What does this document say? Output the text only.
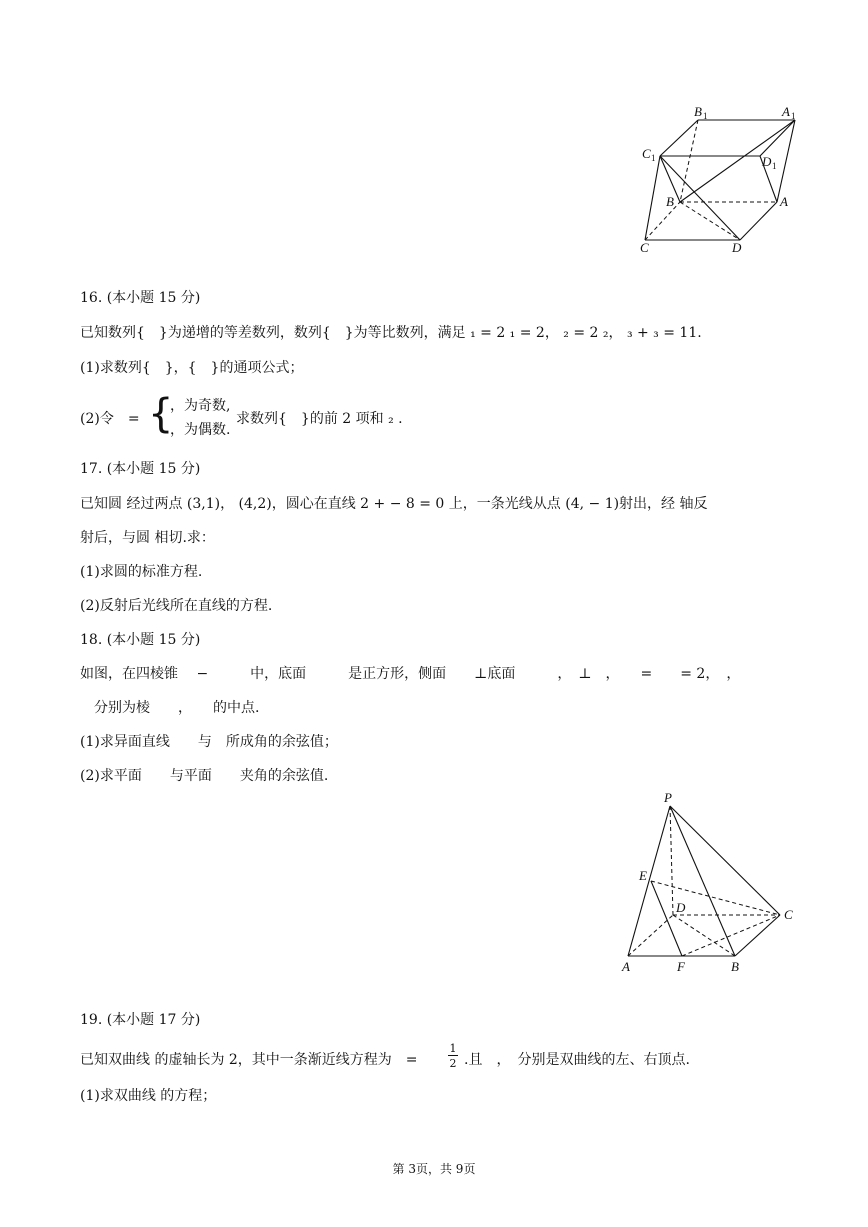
B 1	A 1
C 1	D 1
B	A
C	D
16. (本小题 15 分)
已知数列{　}为递增的等差数列，数列{　}为等比数列，满足 ₁ = 2 ₁ = 2， ₂ = 2 ₂， ₃ + ₃ = 11.
(1)求数列{　}，{　}的通项公式；
(2)令　= {
，为奇数,
，为偶数.
求数列{　}的前 2 项和 ₂ .
17. (本小题 15 分)
已知圆 经过两点 (3,1)， (4,2)，圆心在直线 2 + − 8 = 0 上，一条光线从点 (4, − 1)射出，经 轴反
射后，与圆 相切.求：
(1)求圆的标准方程.
(2)反射后光线所在直线的方程.
18. (本小题 15 分)
如图，在四棱锥　 −　　　中，底面　　　是正方形，侧面　　⊥底面　　　，　⊥　，　　=　　= 2，　，
　分别为棱　　，　　的中点.
(1)求异面直线　　与　所成角的余弦值；
(2)求平面　　与平面　　夹角的余弦值.
P
E
D	C
A	F	B
19. (本小题 17 分)
已知双曲线 的虚轴长为 2，其中一条渐近线方程为　=
1
2 .且　，　分别是双曲线的左、右顶点.
(1)求双曲线 的方程；
第 3页，共 9页
